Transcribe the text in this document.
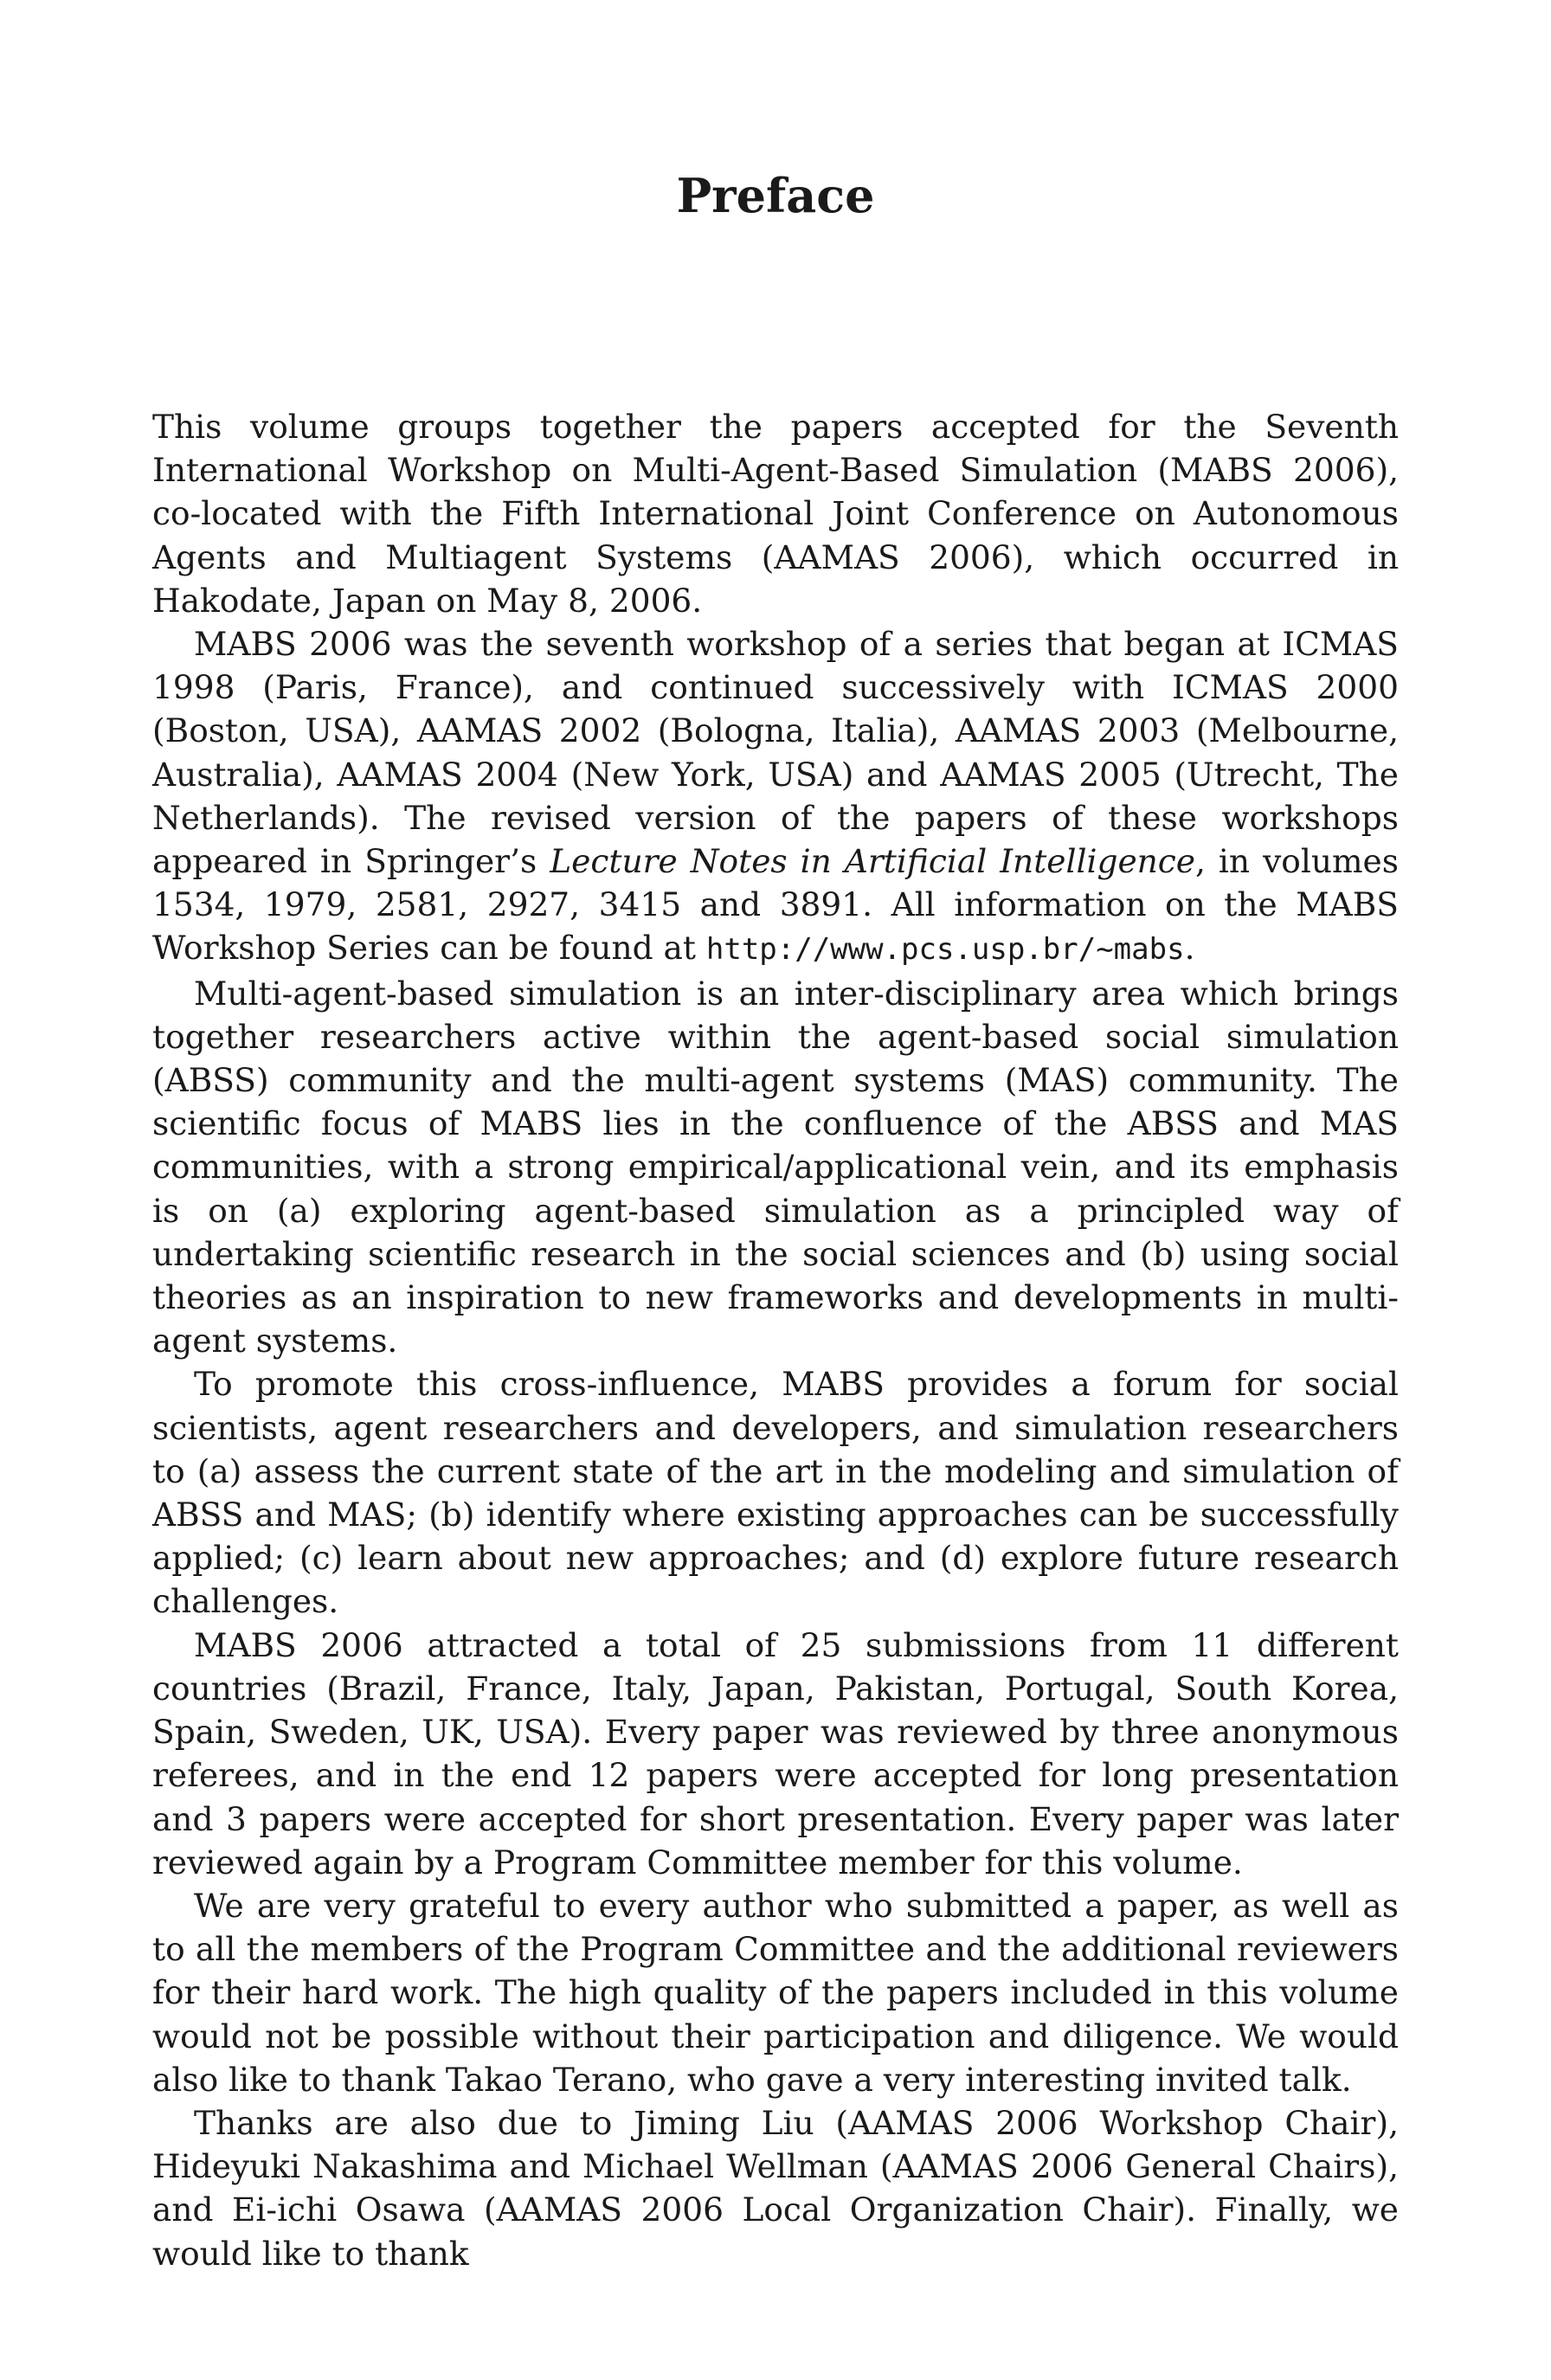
Preface

This volume groups together the papers accepted for the Seventh International Workshop on Multi-Agent-Based Simulation (MABS 2006), co-located with the Fifth International Joint Conference on Autonomous Agents and Multiagent Systems (AAMAS 2006), which occurred in Hakodate, Japan on May 8, 2006.

MABS 2006 was the seventh workshop of a series that began at ICMAS 1998 (Paris, France), and continued successively with ICMAS 2000 (Boston, USA), AAMAS 2002 (Bologna, Italia), AAMAS 2003 (Melbourne, Australia), AAMAS 2004 (New York, USA) and AAMAS 2005 (Utrecht, The Netherlands). The revised version of the papers of these workshops appeared in Springer’s Lecture Notes in Artificial Intelligence, in volumes 1534, 1979, 2581, 2927, 3415 and 3891. All information on the MABS Workshop Series can be found at http://www.pcs.usp.br/~mabs.

Multi-agent-based simulation is an inter-disciplinary area which brings together researchers active within the agent-based social simulation (ABSS) community and the multi-agent systems (MAS) community. The scientific focus of MABS lies in the confluence of the ABSS and MAS communities, with a strong empirical/applicational vein, and its emphasis is on (a) exploring agent-based simulation as a principled way of undertaking scientific research in the social sciences and (b) using social theories as an inspiration to new frameworks and developments in multi-agent systems.

To promote this cross-influence, MABS provides a forum for social scientists, agent researchers and developers, and simulation researchers to (a) assess the current state of the art in the modeling and simulation of ABSS and MAS; (b) identify where existing approaches can be successfully applied; (c) learn about new approaches; and (d) explore future research challenges.

MABS 2006 attracted a total of 25 submissions from 11 different countries (Brazil, France, Italy, Japan, Pakistan, Portugal, South Korea, Spain, Sweden, UK, USA). Every paper was reviewed by three anonymous referees, and in the end 12 papers were accepted for long presentation and 3 papers were accepted for short presentation. Every paper was later reviewed again by a Program Committee member for this volume.

We are very grateful to every author who submitted a paper, as well as to all the members of the Program Committee and the additional reviewers for their hard work. The high quality of the papers included in this volume would not be possible without their participation and diligence. We would also like to thank Takao Terano, who gave a very interesting invited talk.

Thanks are also due to Jiming Liu (AAMAS 2006 Workshop Chair), Hideyuki Nakashima and Michael Wellman (AAMAS 2006 General Chairs), and Ei-ichi Osawa (AAMAS 2006 Local Organization Chair). Finally, we would like to thank
